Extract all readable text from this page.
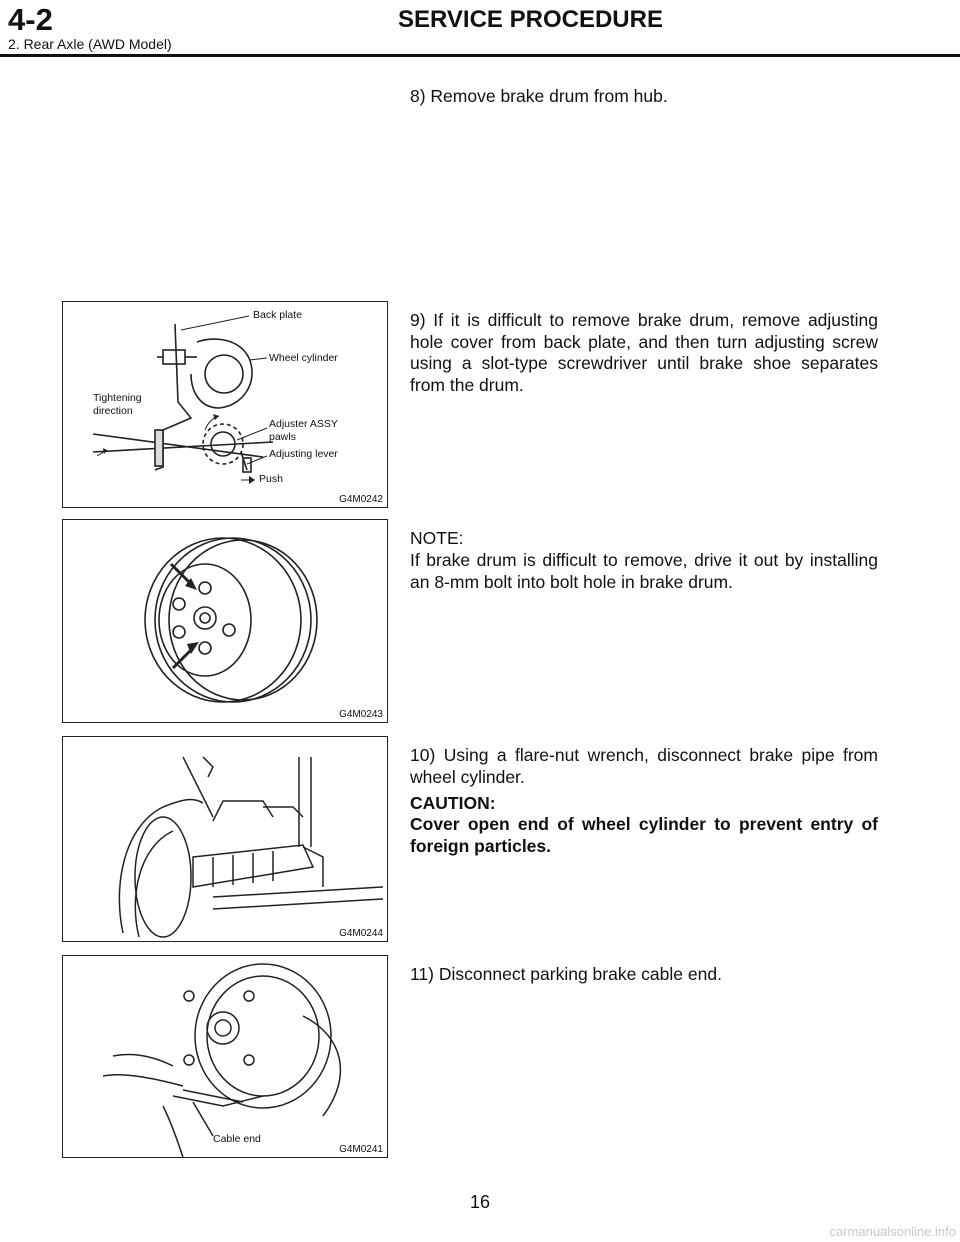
4-2	SERVICE PROCEDURE
2. Rear Axle (AWD Model)
8) Remove brake drum from hub.
Back plate
Wheel cylinder
Tightening
direction
Adjuster ASSY
pawls
Adjusting lever
Push
G4M0242
9) If it is difficult to remove brake drum, remove adjusting hole cover from back plate, and then turn adjusting screw using a slot-type screwdriver until brake shoe separates from the drum.
G4M0243
NOTE:
If brake drum is difficult to remove, drive it out by installing an 8-mm bolt into bolt hole in brake drum.
G4M0244
10) Using a flare-nut wrench, disconnect brake pipe from wheel cylinder.
CAUTION:
Cover open end of wheel cylinder to prevent entry of foreign particles.
Cable end
G4M0241
11) Disconnect parking brake cable end.
16
carmanualsonline.info
